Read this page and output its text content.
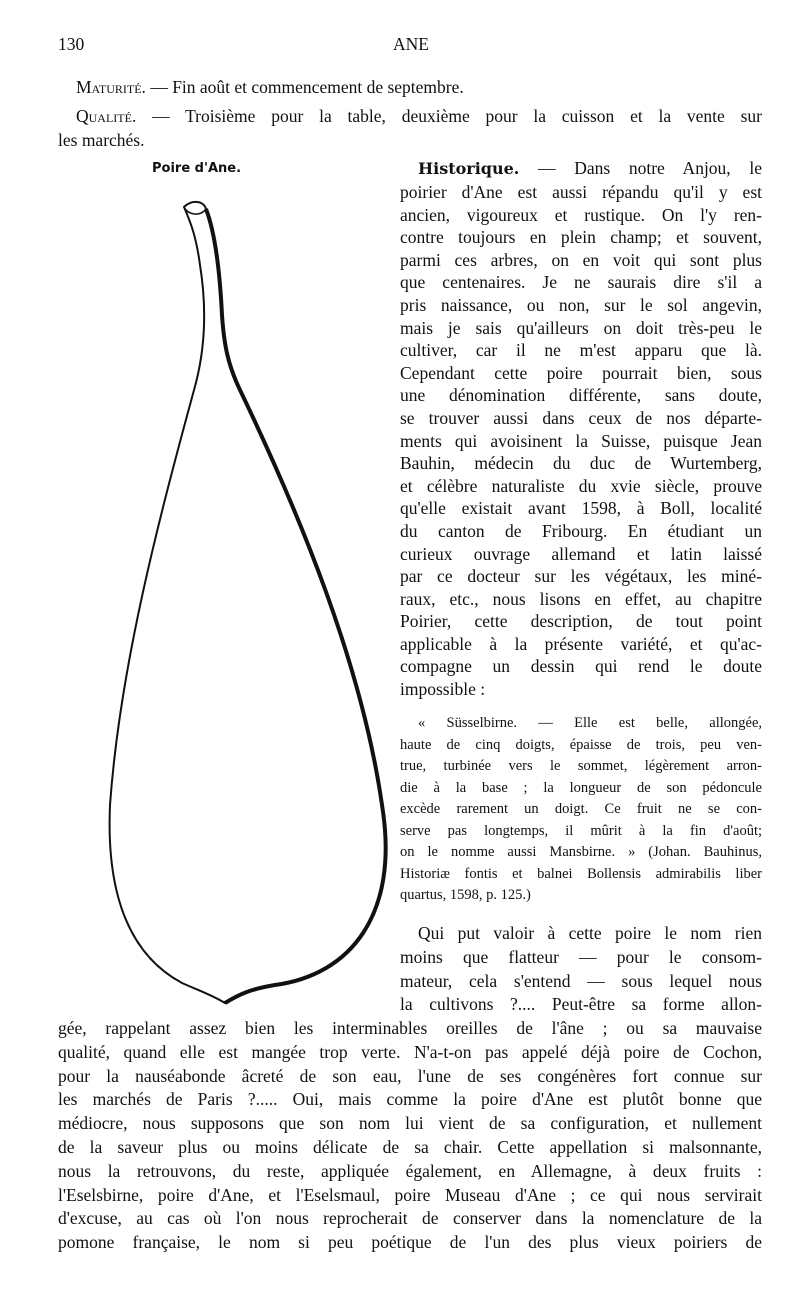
130	ANE
Maturité. — Fin août et commencement de septembre.
Qualité. — Troisième pour la table, deuxième pour la cuisson et la vente sur
les marchés.
Poire d'Ane.	Historique. — Dans notre Anjou, le
poirier d'Ane est aussi répandu qu'il y est
ancien, vigoureux et rustique. On l'y ren-
contre toujours en plein champ; et souvent,
parmi ces arbres, on en voit qui sont plus
que centenaires. Je ne saurais dire s'il a
pris naissance, ou non, sur le sol angevin,
mais je sais qu'ailleurs on doit très-peu le
cultiver, car il ne m'est apparu que là.
Cependant cette poire pourrait bien, sous
une dénomination différente, sans doute,
se trouver aussi dans ceux de nos départe-
ments qui avoisinent la Suisse, puisque Jean
Bauhin, médecin du duc de Wurtemberg,
et célèbre naturaliste du xvie siècle, prouve
qu'elle existait avant 1598, à Boll, localité
du canton de Fribourg. En étudiant un
curieux ouvrage allemand et latin laissé
par ce docteur sur les végétaux, les miné-
raux, etc., nous lisons en effet, au chapitre
Poirier, cette description, de tout point
applicable à la présente variété, et qu'ac-
compagne un dessin qui rend le doute
impossible :
« Süsselbirne. — Elle est belle, allongée,
haute de cinq doigts, épaisse de trois, peu ven-
true, turbinée vers le sommet, légèrement arron-
die à la base ; la longueur de son pédoncule
excède rarement un doigt. Ce fruit ne se con-
serve pas longtemps, il mûrit à la fin d'août;
on le nomme aussi Mansbirne. » (Johan. Bauhinus,
Historiæ fontis et balnei Bollensis admirabilis liber
quartus, 1598, p. 125.)
Qui put valoir à cette poire le nom rien
moins que flatteur — pour le consom-
mateur, cela s'entend — sous lequel nous
la cultivons ?.... Peut-être sa forme allon-
gée, rappelant assez bien les interminables oreilles de l'âne ; ou sa mauvaise
qualité, quand elle est mangée trop verte. N'a-t-on pas appelé déjà poire de Cochon,
pour la nauséabonde âcreté de son eau, l'une de ses congénères fort connue sur
les marchés de Paris ?..... Oui, mais comme la poire d'Ane est plutôt bonne que
médiocre, nous supposons que son nom lui vient de sa configuration, et nullement
de la saveur plus ou moins délicate de sa chair. Cette appellation si malsonnante,
nous la retrouvons, du reste, appliquée également, en Allemagne, à deux fruits :
l'Eselsbirne, poire d'Ane, et l'Eselsmaul, poire Museau d'Ane ; ce qui nous servirait
d'excuse, au cas où l'on nous reprocherait de conserver dans la nomenclature de la
pomone française, le nom si peu poétique de l'un des plus vieux poiriers de
